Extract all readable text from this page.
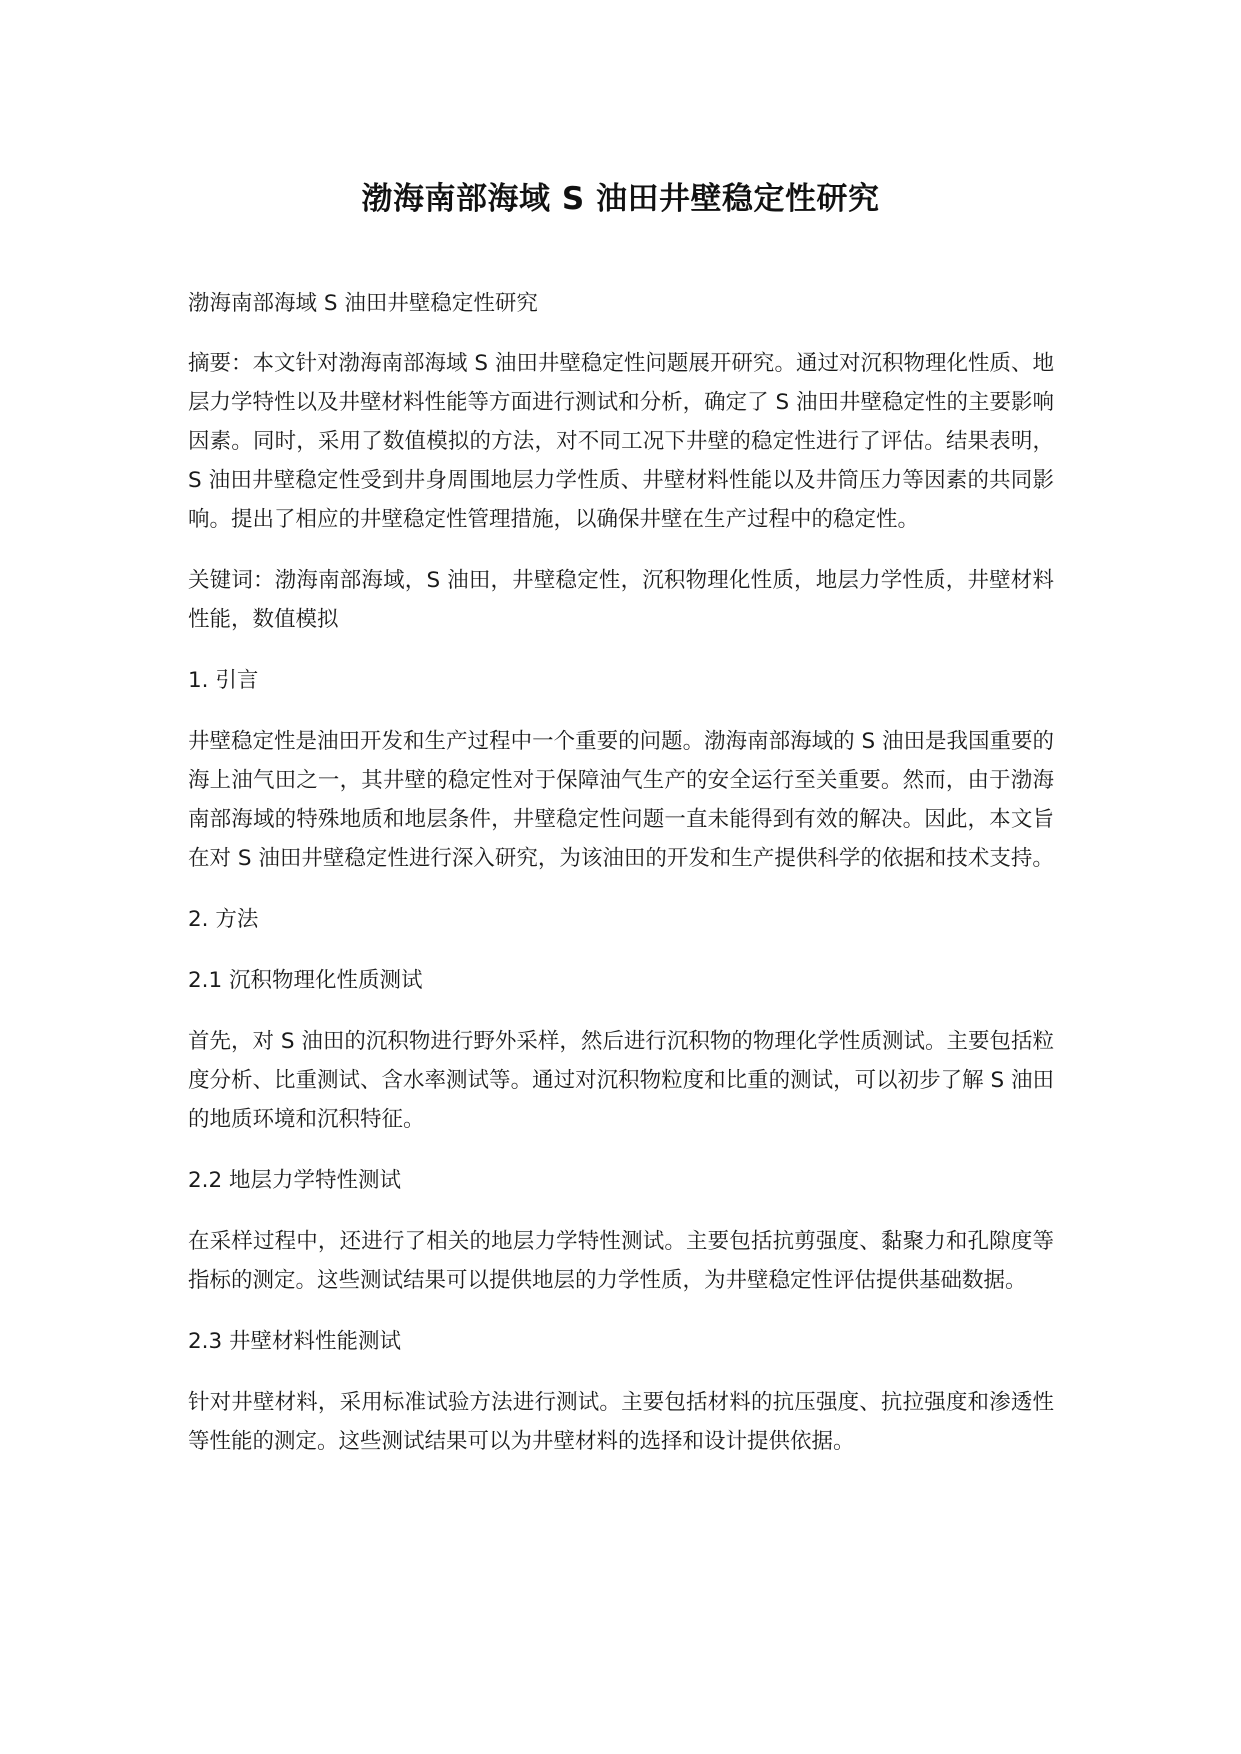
渤海南部海域 S 油田井壁稳定性研究

渤海南部海域 S 油田井壁稳定性研究

摘要：本文针对渤海南部海域 S 油田井壁稳定性问题展开研究。通过对沉积物理化性质、地层力学特性以及井壁材料性能等方面进行测试和分析，确定了 S 油田井壁稳定性的主要影响因素。同时，采用了数值模拟的方法，对不同工况下井壁的稳定性进行了评估。结果表明，S 油田井壁稳定性受到井身周围地层力学性质、井壁材料性能以及井筒压力等因素的共同影响。提出了相应的井壁稳定性管理措施，以确保井壁在生产过程中的稳定性。

关键词：渤海南部海域，S 油田，井壁稳定性，沉积物理化性质，地层力学性质，井壁材料性能，数值模拟

1. 引言

井壁稳定性是油田开发和生产过程中一个重要的问题。渤海南部海域的 S 油田是我国重要的海上油气田之一，其井壁的稳定性对于保障油气生产的安全运行至关重要。然而，由于渤海南部海域的特殊地质和地层条件，井壁稳定性问题一直未能得到有效的解决。因此，本文旨在对 S 油田井壁稳定性进行深入研究，为该油田的开发和生产提供科学的依据和技术支持。

2. 方法

2.1 沉积物理化性质测试

首先，对 S 油田的沉积物进行野外采样，然后进行沉积物的物理化学性质测试。主要包括粒度分析、比重测试、含水率测试等。通过对沉积物粒度和比重的测试，可以初步了解 S 油田的地质环境和沉积特征。

2.2 地层力学特性测试

在采样过程中，还进行了相关的地层力学特性测试。主要包括抗剪强度、黏聚力和孔隙度等指标的测定。这些测试结果可以提供地层的力学性质，为井壁稳定性评估提供基础数据。

2.3 井壁材料性能测试

针对井壁材料，采用标准试验方法进行测试。主要包括材料的抗压强度、抗拉强度和渗透性等性能的测定。这些测试结果可以为井壁材料的选择和设计提供依据。
